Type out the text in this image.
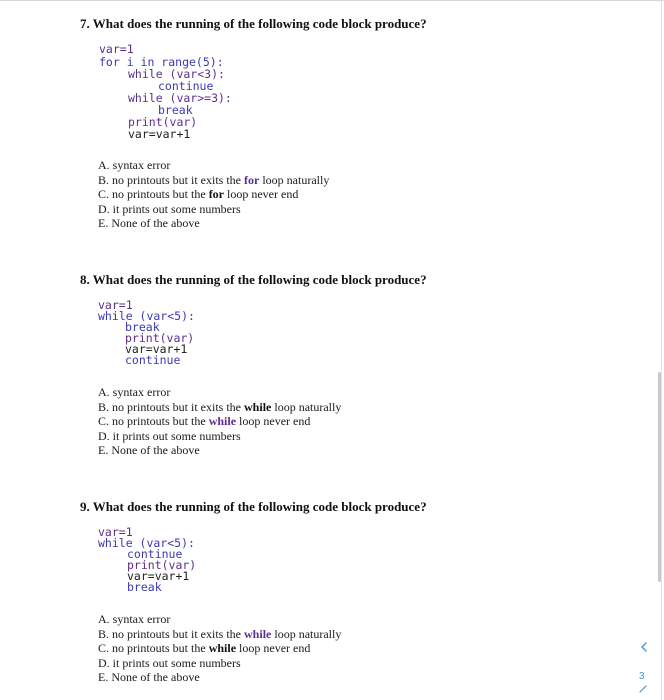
7. What does the running of the following code block produce?

var=1

for i in range(5):

while (var<3):

continue

while (var>=3):

break

print(var)

var=var+1

A. syntax error
B. no printouts but it exits the for loop naturally
C. no printouts but the for loop never end
D. it prints out some numbers
E. None of the above

8. What does the running of the following code block produce?

var=1

while (var<5):

break

print(var)

var=var+1

continue

A. syntax error
B. no printouts but it exits the while loop naturally
C. no printouts but the while loop never end
D. it prints out some numbers
E. None of the above

9. What does the running of the following code block produce?

var=1

while (var<5):

continue

print(var)

var=var+1

break

A. syntax error
B. no printouts but it exits the while loop naturally
C. no printouts but the while loop never end
D. it prints out some numbers
E. None of the above	3
